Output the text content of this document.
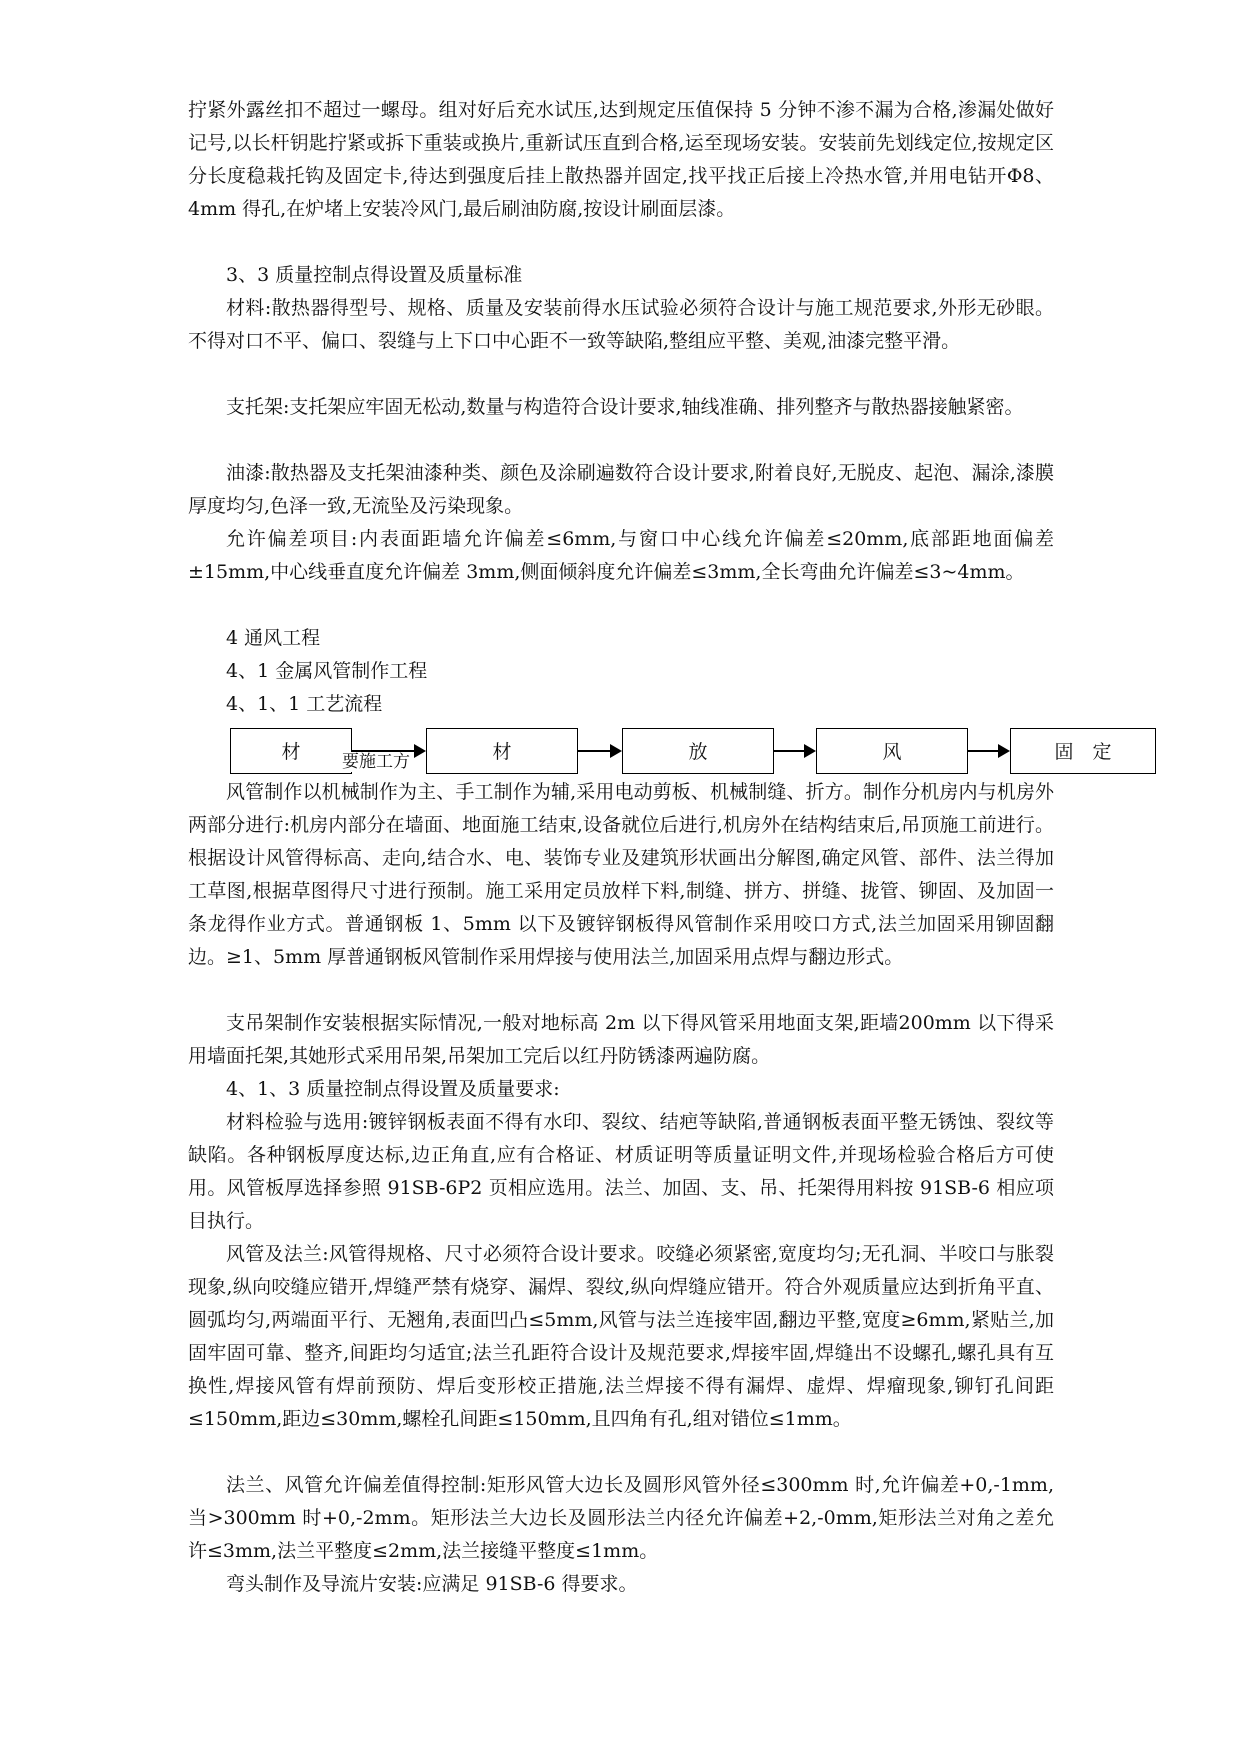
拧紧外露丝扣不超过一螺母。组对好后充水试压,达到规定压值保持 5 分钟不渗不漏为合格,渗漏处做好记号,以长杆钥匙拧紧或拆下重装或换片,重新试压直到合格,运至现场安装。安装前先划线定位,按规定区分长度稳栽托钩及固定卡,待达到强度后挂上散热器并固定,找平找正后接上冷热水管,并用电钻开Φ8、4mm 得孔,在炉堵上安装冷风门,最后刷油防腐,按设计刷面层漆。

3、3 质量控制点得设置及质量标准

材料:散热器得型号、规格、质量及安装前得水压试验必须符合设计与施工规范要求,外形无砂眼。不得对口不平、偏口、裂缝与上下口中心距不一致等缺陷,整组应平整、美观,油漆完整平滑。

支托架:支托架应牢固无松动,数量与构造符合设计要求,轴线准确、排列整齐与散热器接触紧密。

油漆:散热器及支托架油漆种类、颜色及涂刷遍数符合设计要求,附着良好,无脱皮、起泡、漏涂,漆膜厚度均匀,色泽一致,无流坠及污染现象。

允许偏差项目:内表面距墙允许偏差≤6mm,与窗口中心线允许偏差≤20mm,底部距地面偏差±15mm,中心线垂直度允许偏差 3mm,侧面倾斜度允许偏差≤3mm,全长弯曲允许偏差≤3~4mm。

4 通风工程

4、1 金属风管制作工程

4、1、1 工艺流程

材	材	放	风	固　定
要施工方

风管制作以机械制作为主、手工制作为辅,采用电动剪板、机械制缝、折方。制作分机房内与机房外两部分进行:机房内部分在墙面、地面施工结束,设备就位后进行,机房外在结构结束后,吊顶施工前进行。根据设计风管得标高、走向,结合水、电、装饰专业及建筑形状画出分解图,确定风管、部件、法兰得加工草图,根据草图得尺寸进行预制。施工采用定员放样下料,制缝、拼方、拼缝、拢管、铆固、及加固一条龙得作业方式。普通钢板 1、5mm 以下及镀锌钢板得风管制作采用咬口方式,法兰加固采用铆固翻边。≥1、5mm 厚普通钢板风管制作采用焊接与使用法兰,加固采用点焊与翻边形式。

支吊架制作安装根据实际情况,一般对地标高 2m 以下得风管采用地面支架,距墙200mm 以下得采用墙面托架,其她形式采用吊架,吊架加工完后以红丹防锈漆两遍防腐。

4、1、3 质量控制点得设置及质量要求:

材料检验与选用:镀锌钢板表面不得有水印、裂纹、结疤等缺陷,普通钢板表面平整无锈蚀、裂纹等缺陷。各种钢板厚度达标,边正角直,应有合格证、材质证明等质量证明文件,并现场检验合格后方可使用。风管板厚选择参照 91SB-6P2 页相应选用。法兰、加固、支、吊、托架得用料按 91SB-6 相应项目执行。

风管及法兰:风管得规格、尺寸必须符合设计要求。咬缝必须紧密,宽度均匀;无孔洞、半咬口与胀裂现象,纵向咬缝应错开,焊缝严禁有烧穿、漏焊、裂纹,纵向焊缝应错开。符合外观质量应达到折角平直、圆弧均匀,两端面平行、无翘角,表面凹凸≤5mm,风管与法兰连接牢固,翻边平整,宽度≥6mm,紧贴兰,加固牢固可靠、整齐,间距均匀适宜;法兰孔距符合设计及规范要求,焊接牢固,焊缝出不设螺孔,螺孔具有互换性,焊接风管有焊前预防、焊后变形校正措施,法兰焊接不得有漏焊、虚焊、焊瘤现象,铆钉孔间距≤150mm,距边≤30mm,螺栓孔间距≤150mm,且四角有孔,组对错位≤1mm。

法兰、风管允许偏差值得控制:矩形风管大边长及圆形风管外径≤300mm 时,允许偏差+0,-1mm,当>300mm 时+0,-2mm。矩形法兰大边长及圆形法兰内径允许偏差+2,-0mm,矩形法兰对角之差允许≤3mm,法兰平整度≤2mm,法兰接缝平整度≤1mm。

弯头制作及导流片安装:应满足 91SB-6 得要求。
